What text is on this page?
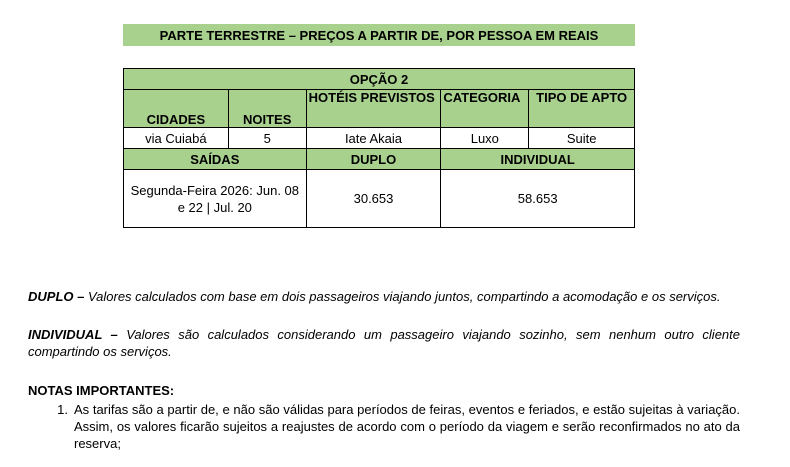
PARTE TERRESTRE – PREÇOS A PARTIR DE, POR PESSOA EM REAIS
OPÇÃO 2				
CIDADES	NOITES	HOTÉIS PREVISTOS	CATEGORIA	TIPO DE APTO
via Cuiabá	5	Iate Akaia	Luxo	Suite
SAÍDAS		DUPLO	INDIVIDUAL	
Segunda-Feira 2026: Jun. 08 e 22 | Jul. 20		30.653	58.653	
DUPLO – Valores calculados com base em dois passageiros viajando juntos, compartindo a acomodação e os serviços.
INDIVIDUAL – Valores são calculados considerando um passageiro viajando sozinho, sem nenhum outro cliente compartindo os serviços.
NOTAS IMPORTANTES:
1. As tarifas são a partir de, e não são válidas para períodos de feiras, eventos e feriados, e estão sujeitas à variação. Assim, os valores ficarão sujeitos a reajustes de acordo com o período da viagem e serão reconfirmados no ato da reserva;
